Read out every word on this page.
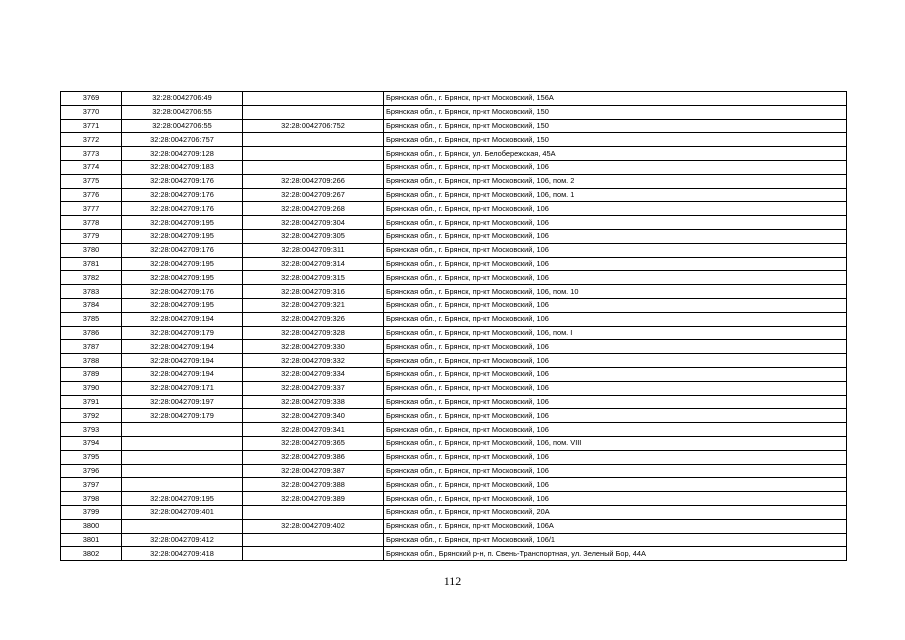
3769	32:28:0042706:49		Брянская обл., г. Брянск, пр-кт Московский, 156А
3770	32:28:0042706:55		Брянская обл., г. Брянск, пр-кт Московский, 150
3771	32:28:0042706:55	32:28:0042706:752	Брянская обл., г. Брянск, пр-кт Московский, 150
3772	32:28:0042706:757		Брянская обл., г. Брянск, пр-кт Московский, 150
3773	32:28:0042709:128		Брянская обл., г. Брянск, ул. Белобережская, 45А
3774	32:28:0042709:183		Брянская обл., г. Брянск, пр-кт Московский, 106
3775	32:28:0042709:176	32:28:0042709:266	Брянская обл., г. Брянск, пр-кт Московский, 106, пом. 2
3776	32:28:0042709:176	32:28:0042709:267	Брянская обл., г. Брянск, пр-кт Московский, 106, пом. 1
3777	32:28:0042709:176	32:28:0042709:268	Брянская обл., г. Брянск, пр-кт Московский, 106
3778	32:28:0042709:195	32:28:0042709:304	Брянская обл., г. Брянск, пр-кт Московский, 106
3779	32:28:0042709:195	32:28:0042709:305	Брянская обл., г. Брянск, пр-кт Московский, 106
3780	32:28:0042709:176	32:28:0042709:311	Брянская обл., г. Брянск, пр-кт Московский, 106
3781	32:28:0042709:195	32:28:0042709:314	Брянская обл., г. Брянск, пр-кт Московский, 106
3782	32:28:0042709:195	32:28:0042709:315	Брянская обл., г. Брянск, пр-кт Московский, 106
3783	32:28:0042709:176	32:28:0042709:316	Брянская обл., г. Брянск, пр-кт Московский, 106, пом. 10
3784	32:28:0042709:195	32:28:0042709:321	Брянская обл., г. Брянск, пр-кт Московский, 106
3785	32:28:0042709:194	32:28:0042709:326	Брянская обл., г. Брянск, пр-кт Московский, 106
3786	32:28:0042709:179	32:28:0042709:328	Брянская обл., г. Брянск, пр-кт Московский, 106, пом. I
3787	32:28:0042709:194	32:28:0042709:330	Брянская обл., г. Брянск, пр-кт Московский, 106
3788	32:28:0042709:194	32:28:0042709:332	Брянская обл., г. Брянск, пр-кт Московский, 106
3789	32:28:0042709:194	32:28:0042709:334	Брянская обл., г. Брянск, пр-кт Московский, 106
3790	32:28:0042709:171	32:28:0042709:337	Брянская обл., г. Брянск, пр-кт Московский, 106
3791	32:28:0042709:197	32:28:0042709:338	Брянская обл., г. Брянск, пр-кт Московский, 106
3792	32:28:0042709:179	32:28:0042709:340	Брянская обл., г. Брянск, пр-кт Московский, 106
3793		32:28:0042709:341	Брянская обл., г. Брянск, пр-кт Московский, 106
3794		32:28:0042709:365	Брянская обл., г. Брянск, пр-кт Московский, 106, пом. VIII
3795		32:28:0042709:386	Брянская обл., г. Брянск, пр-кт Московский, 106
3796		32:28:0042709:387	Брянская обл., г. Брянск, пр-кт Московский, 106
3797		32:28:0042709:388	Брянская обл., г. Брянск, пр-кт Московский, 106
3798	32:28:0042709:195	32:28:0042709:389	Брянская обл., г. Брянск, пр-кт Московский, 106
3799	32:28:0042709:401		Брянская обл., г. Брянск, пр-кт Московский, 20А
3800		32:28:0042709:402	Брянская обл., г. Брянск, пр-кт Московский, 106А
3801	32:28:0042709:412		Брянская обл., г. Брянск, пр-кт Московский, 106/1
3802	32:28:0042709:418		Брянская обл., Брянский р-н, п. Свень-Транспортная, ул. Зеленый Бор, 44А
112
